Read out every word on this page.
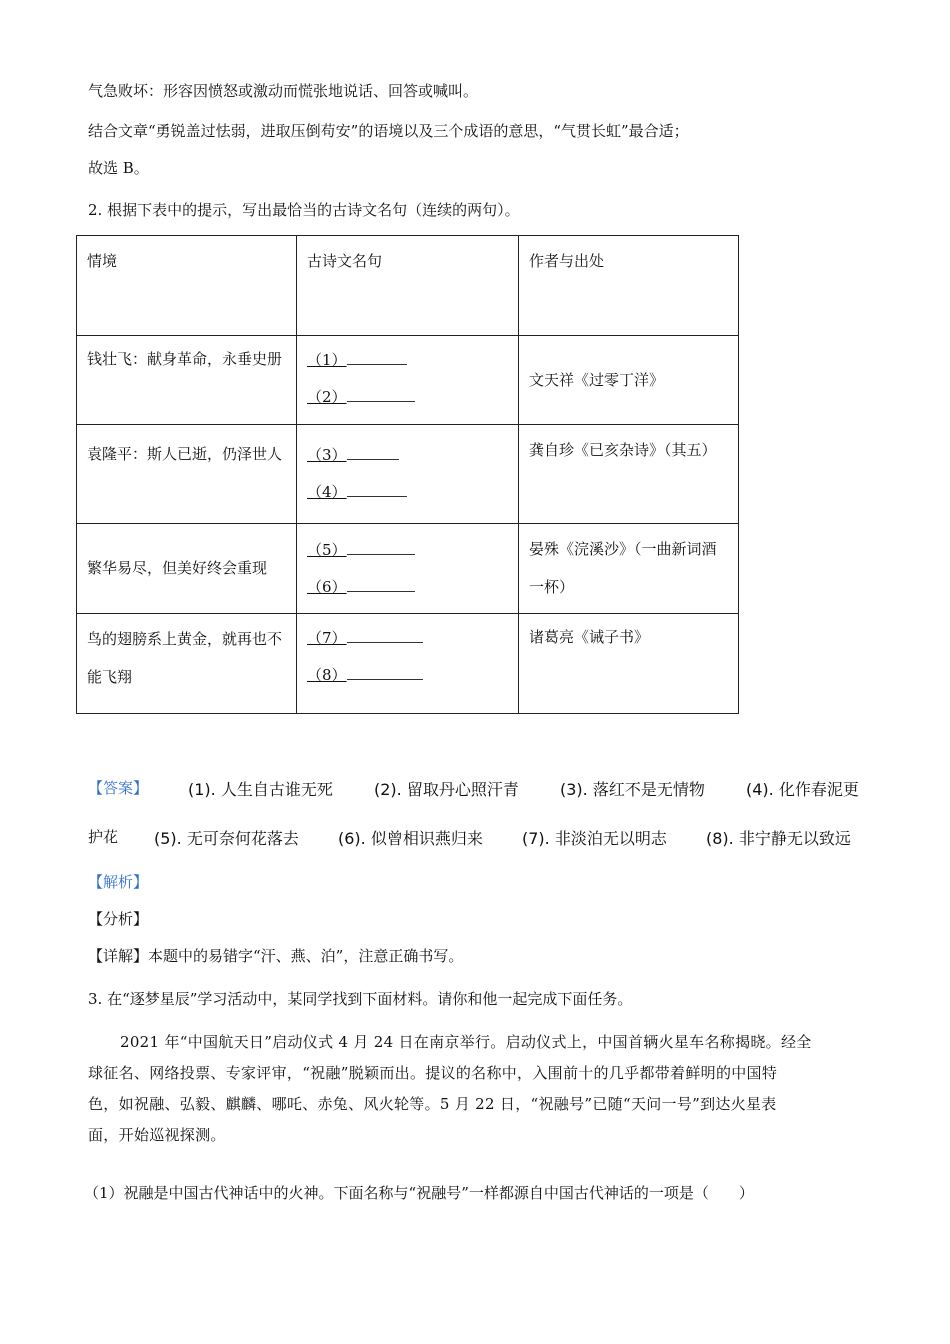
气急败坏：形容因愤怒或激动而慌张地说话、回答或喊叫。
结合文章“勇锐盖过怯弱，进取压倒苟安”的语境以及三个成语的意思，“气贯长虹”最合适；
故选 B。
2. 根据下表中的提示，写出最恰当的古诗文名句（连续的两句）。
情境	古诗文名句	作者与出处

钱壮飞：献身革命，永垂史册	（1）
（2）	文天祥《过零丁洋》

袁隆平：斯人已逝，仍泽世人	（3）
（4）	龚自珍《已亥杂诗》（其五）

繁华易尽，但美好终会重现	（5）
（6）	晏殊《浣溪沙》（一曲新词酒一杯）

鸟的翅膀系上黄金，就再也不能飞翔	（7）
（8）	诸葛亮《诫子书》
【答案】 (1). 人生自古谁无死	(2). 留取丹心照汗青	(3). 落红不是无情物	(4). 化作春泥更
护花 (5). 无可奈何花落去 (6). 似曾相识燕归来 (7). 非淡泊无以明志 (8). 非宁静无以致远
【解析】
【分析】
【详解】本题中的易错字“汗、燕、泊”，注意正确书写。
3. 在“逐梦星辰”学习活动中，某同学找到下面材料。请你和他一起完成下面任务。
2021 年“中国航天日”启动仪式 4 月 24 日在南京举行。启动仪式上，中国首辆火星车名称揭晓。经全
球征名、网络投票、专家评审，“祝融”脱颖而出。提议的名称中，入围前十的几乎都带着鲜明的中国特
色，如祝融、弘毅、麒麟、哪吒、赤兔、风火轮等。5 月 22 日，“祝融号”已随“天问一号”到达火星表
面，开始巡视探测。
（1）祝融是中国古代神话中的火神。下面名称与“祝融号”一样都源自中国古代神话的一项是（　　）
